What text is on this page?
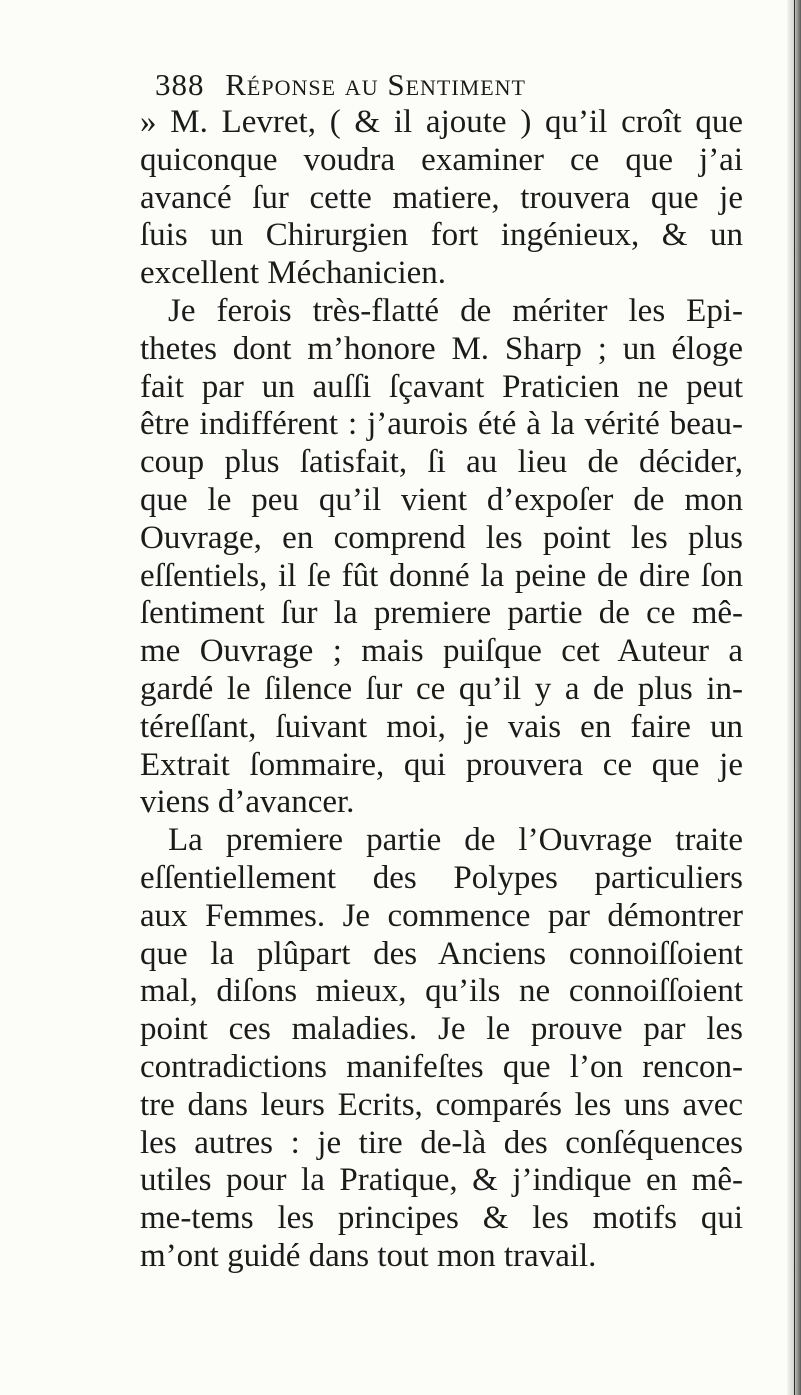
388 Réponse au Sentiment
» M. Levret, ( & il ajoute ) qu’il croît que
quiconque voudra examiner ce que j’ai
avancé ſur cette matiere, trouvera que je
ſuis un Chirurgien fort ingénieux, & un
excellent Méchanicien.
Je ferois très-flatté de mériter les Epi-
thetes dont m’honore M. Sharp ; un éloge
fait par un auſſi ſçavant Praticien ne peut
être indifférent : j’aurois été à la vérité beau-
coup plus ſatisfait, ſi au lieu de décider,
que le peu qu’il vient d’expoſer de mon
Ouvrage, en comprend les point les plus
eſſentiels, il ſe fût donné la peine de dire ſon
ſentiment ſur la premiere partie de ce mê-
me Ouvrage ; mais puiſque cet Auteur a
gardé le ſilence ſur ce qu’il y a de plus in-
téreſſant, ſuivant moi, je vais en faire un
Extrait ſommaire, qui prouvera ce que je
viens d’avancer.
La premiere partie de l’Ouvrage traite
eſſentiellement des Polypes particuliers
aux Femmes. Je commence par démontrer
que la plûpart des Anciens connoiſſoient
mal, diſons mieux, qu’ils ne connoiſſoient
point ces maladies. Je le prouve par les
contradictions manifeſtes que l’on rencon-
tre dans leurs Ecrits, comparés les uns avec
les autres : je tire de-là des conſéquences
utiles pour la Pratique, & j’indique en mê-
me-tems les principes & les motifs qui
m’ont guidé dans tout mon travail.
